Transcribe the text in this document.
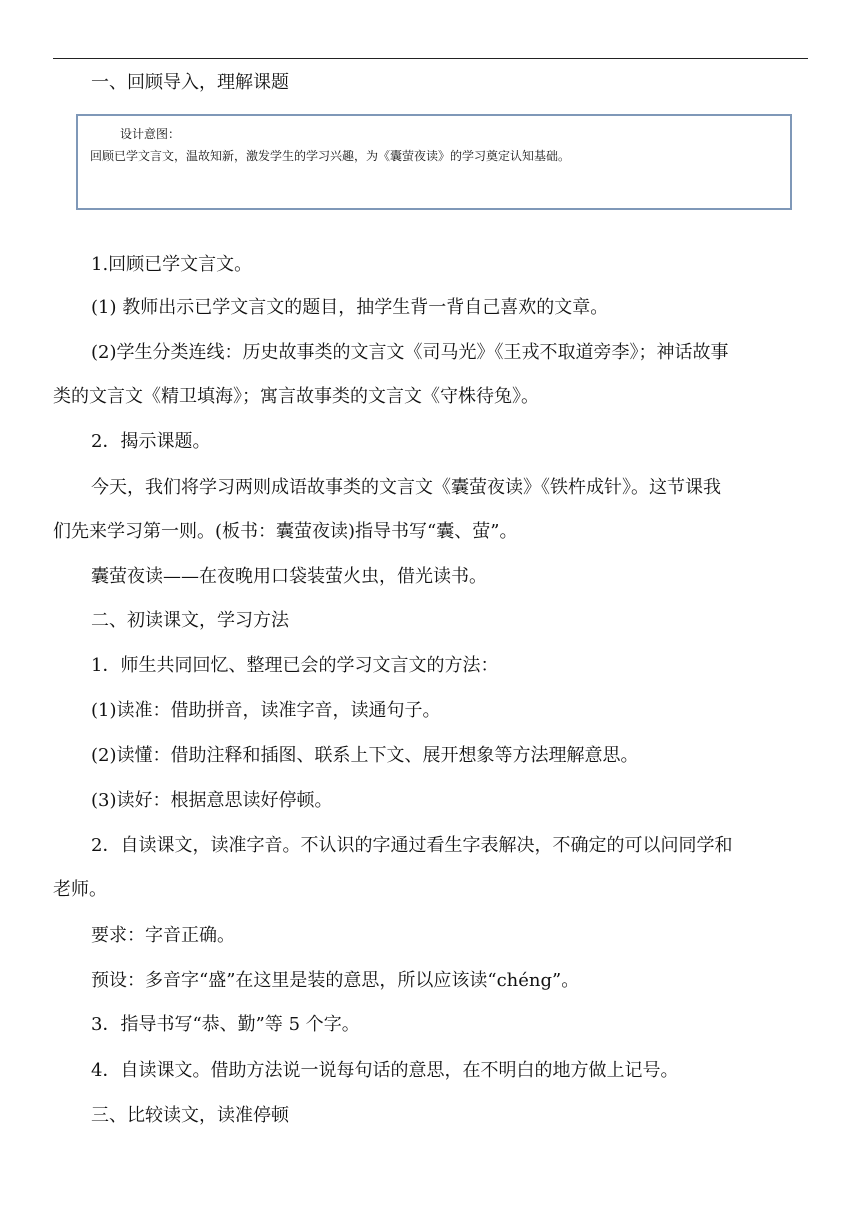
一、回顾导入，理解课题
设计意图：
回顾已学文言文，温故知新，激发学生的学习兴趣，为《囊萤夜读》的学习奠定认知基础。
1.回顾已学文言文。
(1) 教师出示已学文言文的题目，抽学生背一背自己喜欢的文章。
(2)学生分类连线：历史故事类的文言文《司马光》《王戎不取道旁李》；神话故事
类的文言文《精卫填海》；寓言故事类的文言文《守株待兔》。
2．揭示课题。
今天，我们将学习两则成语故事类的文言文《囊萤夜读》《铁杵成针》。这节课我
们先来学习第一则。(板书：囊萤夜读)指导书写“囊、萤”。
囊萤夜读——在夜晚用口袋装萤火虫，借光读书。
二、初读课文，学习方法
1．师生共同回忆、整理已会的学习文言文的方法：
(1)读准：借助拼音，读准字音，读通句子。
(2)读懂：借助注释和插图、联系上下文、展开想象等方法理解意思。
(3)读好：根据意思读好停顿。
2．自读课文，读准字音。不认识的字通过看生字表解决，不确定的可以问同学和
老师。
要求：字音正确。
预设：多音字“盛”在这里是装的意思，所以应该读“chéng”。
3．指导书写“恭、勤”等 5 个字。
4．自读课文。借助方法说一说每句话的意思，在不明白的地方做上记号。
三、比较读文，读准停顿
